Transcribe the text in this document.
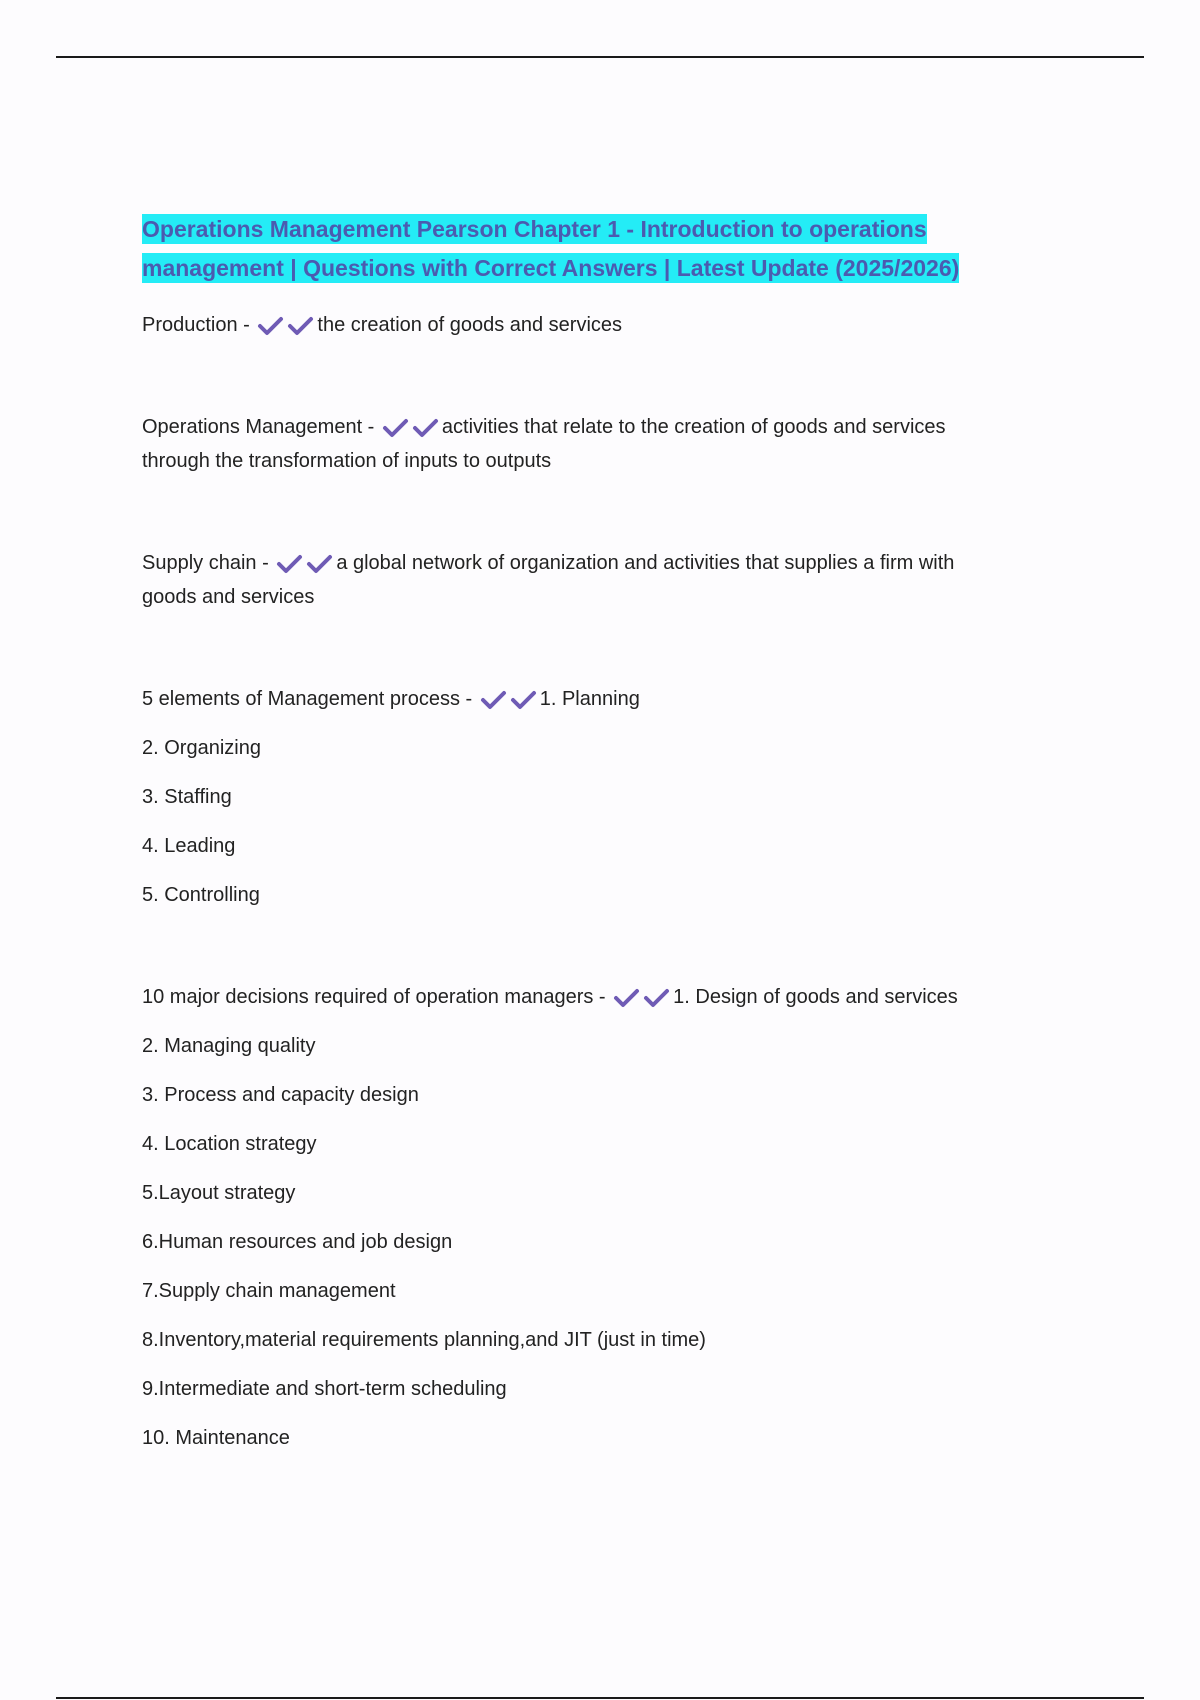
Operations Management Pearson Chapter 1 - Introduction to operations
management | Questions with Correct Answers | Latest Update (2025/2026)
Production -	the creation of goods and services
Operations Management -	activities that relate to the creation of goods and services
through the transformation of inputs to outputs
Supply chain -	a global network of organization and activities that supplies a firm with
goods and services
5 elements of Management process -	1. Planning
2. Organizing
3. Staffing
4. Leading
5. Controlling
10 major decisions required of operation managers -	1. Design of goods and services
2. Managing quality
3. Process and capacity design
4. Location strategy
5.Layout strategy
6.Human resources and job design
7.Supply chain management
8.Inventory,material requirements planning,and JIT (just in time)
9.Intermediate and short-term scheduling
10. Maintenance
